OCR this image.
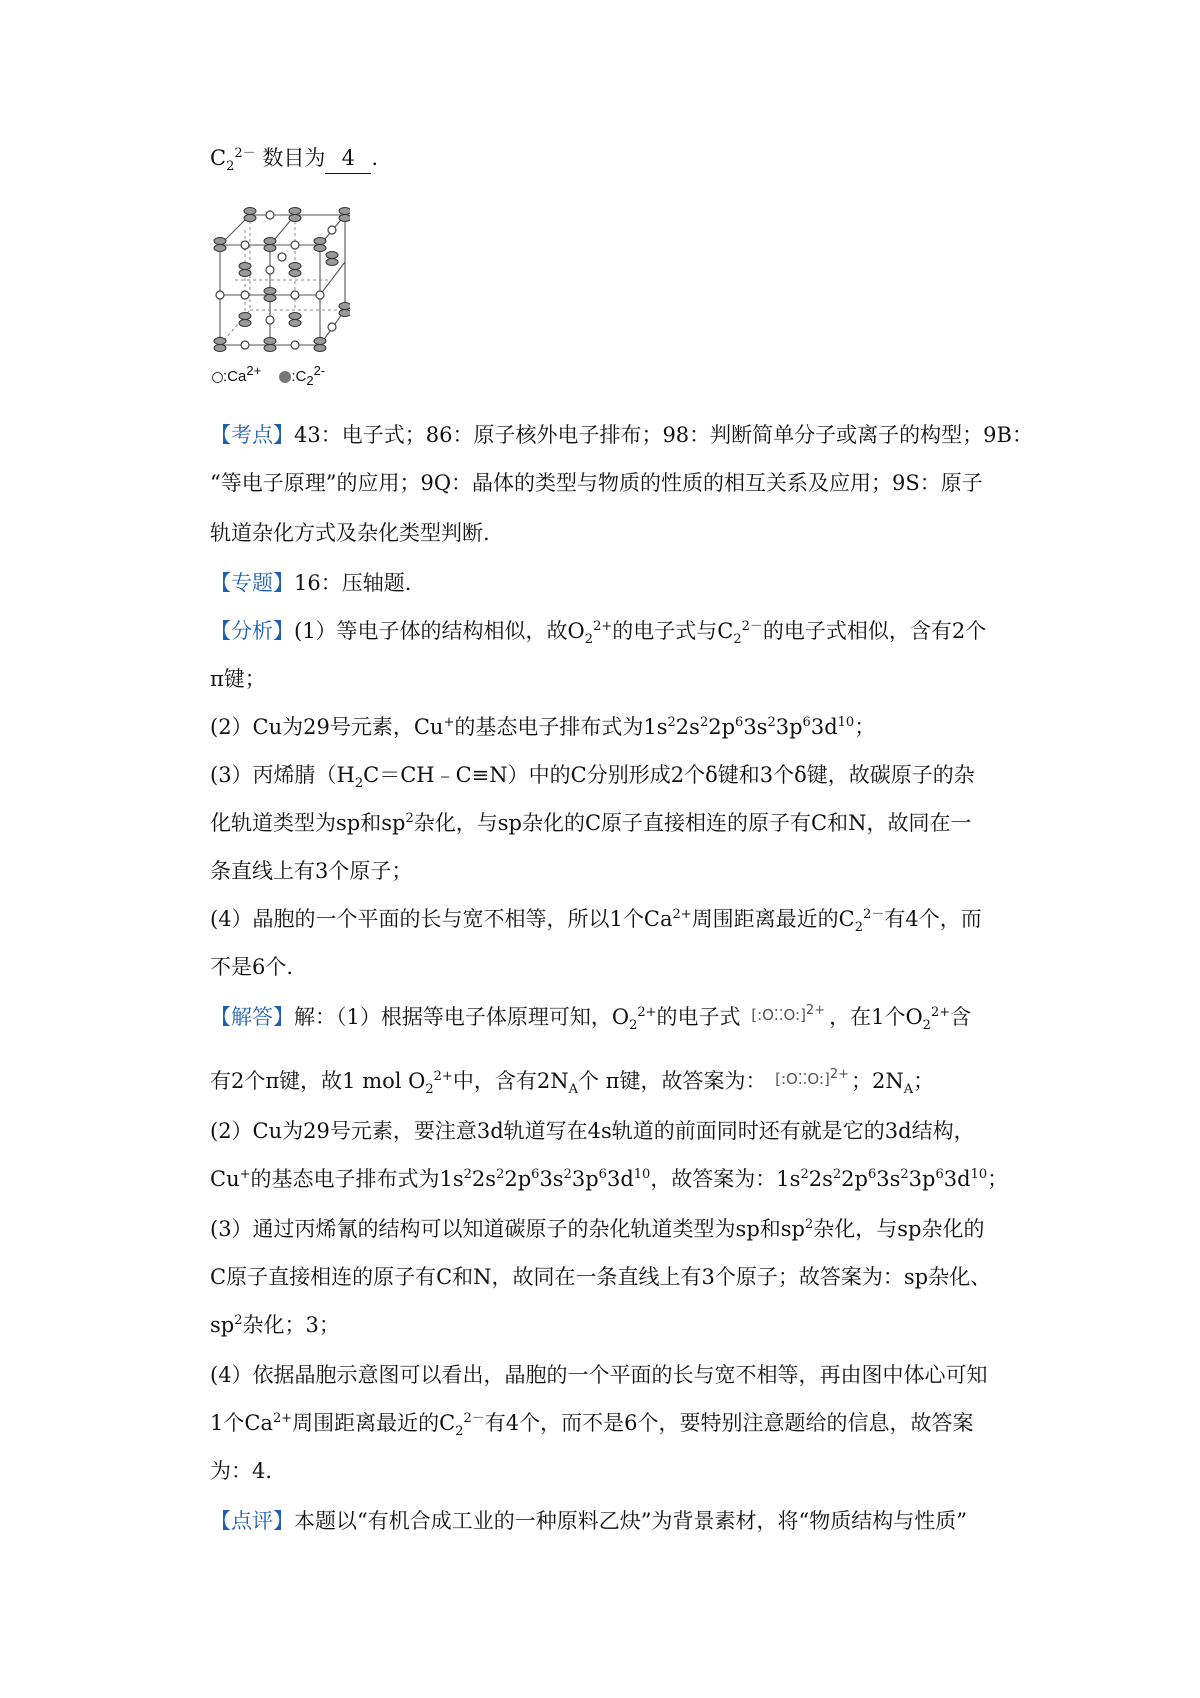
$C_2^{2-}$ 数目为 4 .
$:Ca^{2+}$ $:C_2^{2-}$
【考点】43：电子式；86：原子核外电子排布；98：判断简单分子或离子的构型；9B：
“等电子原理”的应用；9Q：晶体的类型与物质的性质的相互关系及应用；9S：原子
轨道杂化方式及杂化类型判断.
【专题】16：压轴题.
【分析】(1）等电子体的结构相似，故$O_2^{2+}$的电子式与$C_2^{2-}$的电子式相似，含有2个
π键；
(2）Cu为29号元素，Cu+的基态电子排布式为$1s^22s^22p^63s^23p^63d^{10}$；
(3）丙烯腈$(H_2C=CH﹣C\equiv N)$中的C分别形成2个δ键和3个δ键，故碳原子的杂
化轨道类型为sp和$sp^2$杂化，与sp杂化的C原子直接相连的原子有C和N，故同在一
条直线上有3个原子；
(4）晶胞的一个平面的长与宽不相等，所以1个$Ca^{2+}$周围距离最近的$C_2^{2-}$有4个，而
不是6个.
【解答】解：（1）根据等电子体原理可知，$O_2^{2+}$的电子式 [:O⁚⁚O:]$^{2+}$ ，在1个$O_2^{2+}$含
有2个π键，故1 mol $O_2^{2+}$中，含有$2N_A$个 π键，故答案为： [:O⁚⁚O:]$^{2+}$；$2N_A$；
(2）Cu为29号元素，要注意3d轨道写在4s轨道的前面同时还有就是它的3d结构，
Cu+的基态电子排布式为$1s^22s^22p^63s^23p^63d^{10}$，故答案为：$1s^22s^22p^63s^23p^63d^{10}$；
(3）通过丙烯氰的结构可以知道碳原子的杂化轨道类型为sp和$sp^2$杂化，与sp杂化的
C原子直接相连的原子有C和N，故同在一条直线上有3个原子；故答案为：sp杂化、
$sp^2$杂化；3；
(4）依据晶胞示意图可以看出，晶胞的一个平面的长与宽不相等，再由图中体心可知
1个$Ca^{2+}$周围距离最近的$C_2^{2-}$有4个，而不是6个，要特别注意题给的信息，故答案
为：4.
【点评】本题以“有机合成工业的一种原料乙炔”为背景素材，将“物质结构与性质”
